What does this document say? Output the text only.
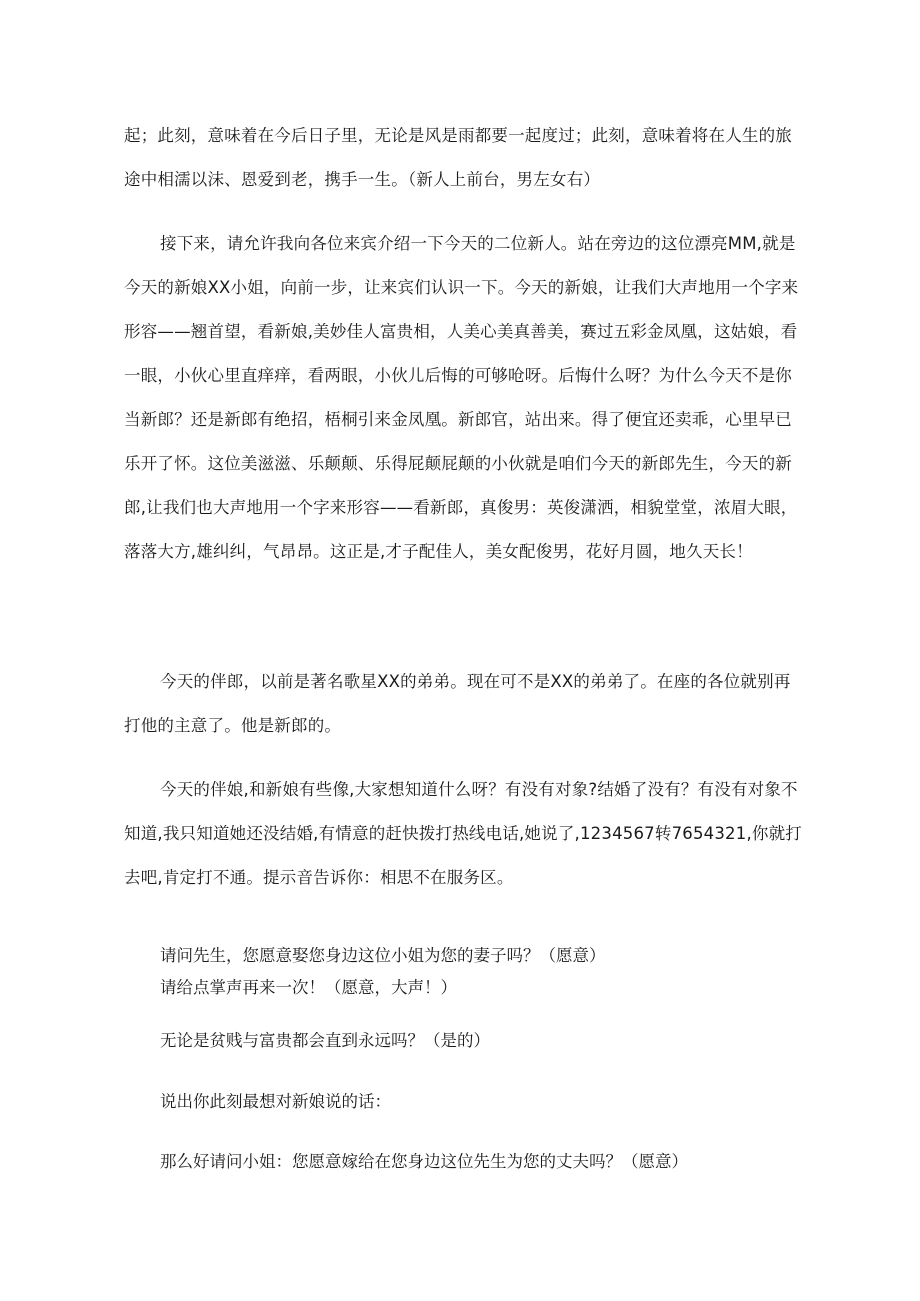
起；此刻，意味着在今后日子里，无论是风是雨都要一起度过；此刻，意味着将在人生的旅途中相濡以沫、恩爱到老，携手一生。（新人上前台，男左女右）

接下来，请允许我向各位来宾介绍一下今天的二位新人。站在旁边的这位漂亮MM,就是今天的新娘XX小姐，向前一步，让来宾们认识一下。今天的新娘，让我们大声地用一个字来形容——翘首望，看新娘,美妙佳人富贵相，人美心美真善美，赛过五彩金凤凰，这姑娘，看一眼，小伙心里直痒痒，看两眼，小伙儿后悔的可够呛呀。后悔什么呀？为什么今天不是你当新郎？还是新郎有绝招，梧桐引来金凤凰。新郎官，站出来。得了便宜还卖乖，心里早已乐开了怀。这位美滋滋、乐颠颠、乐得屁颠屁颠的小伙就是咱们今天的新郎先生，今天的新郎,让我们也大声地用一个字来形容——看新郎，真俊男：英俊潇洒，相貌堂堂，浓眉大眼，落落大方,雄纠纠，气昂昂。这正是,才子配佳人，美女配俊男，花好月圆，地久天长！

今天的伴郎，以前是著名歌星XX的弟弟。现在可不是XX的弟弟了。在座的各位就别再打他的主意了。他是新郎的。

今天的伴娘,和新娘有些像,大家想知道什么呀？有没有对象?结婚了没有？有没有对象不知道,我只知道她还没结婚,有情意的赶快拨打热线电话,她说了,1234567转7654321,你就打去吧,肯定打不通。提示音告诉你：相思不在服务区。

请问先生，您愿意娶您身边这位小姐为您的妻子吗？（愿意）

请给点掌声再来一次！（愿意，大声！）

无论是贫贱与富贵都会直到永远吗？（是的）

说出你此刻最想对新娘说的话：

那么好请问小姐：您愿意嫁给在您身边这位先生为您的丈夫吗？（愿意）
